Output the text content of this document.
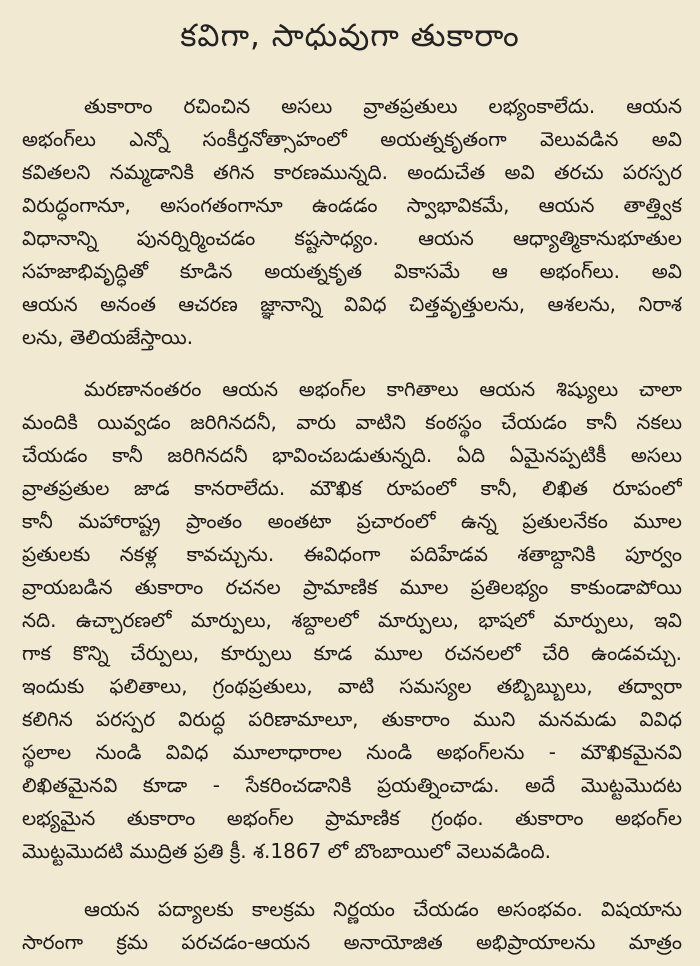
కవిగా, సాధువుగా తుకారాం
తుకారాం రచించిన అసలు వ్రాతప్రతులు లభ్యంకాలేదు. ఆయన
అభంగ్‌లు ఎన్నో సంకీర్తనోత్సాహంలో అయత్నకృతంగా వెలువడిన అవి
కవితలని నమ్మడానికి తగిన కారణమున్నది. అందుచేత అవి తరచు పరస్పర
విరుద్ధంగానూ, అసంగతంగానూ ఉండడం స్వాభావికమే, ఆయన తాత్త్విక
విధానాన్ని పునర్నిర్మించడం కష్టసాధ్యం. ఆయన ఆధ్యాత్మికానుభూతుల
సహజాభివృద్ధితో కూడిన అయత్నకృత వికాసమే ఆ అభంగ్‌లు. అవి
ఆయన అనంత ఆచరణ జ్ఞానాన్ని వివిధ చిత్తవృత్తులను, ఆశలను, నిరాశ
లను, తెలియజేస్తాయి.
మరణానంతరం ఆయన అభంగ్‌ల కాగితాలు ఆయన శిష్యులు చాలా
మందికి యివ్వడం జరిగినదనీ, వారు వాటిని కంఠస్థం చేయడం కానీ నకలు
చేయడం కానీ జరిగినదనీ భావించబడుతున్నది. ఏది ఏమైనప్పటికీ అసలు
వ్రాతప్రతుల జాడ కానరాలేదు. మౌఖిక రూపంలో కానీ, లిఖిత రూపంలో
కానీ మహారాష్ట్ర ప్రాంతం అంతటా ప్రచారంలో ఉన్న ప్రతులనేకం మూల
ప్రతులకు నకళ్ల కావచ్చును. ఈవిధంగా పదిహేడవ శతాబ్దానికి పూర్వం
వ్రాయబడిన తుకారాం రచనల ప్రామాణిక మూల ప్రతిలభ్యం కాకుండాపోయి
నది. ఉచ్చారణలో మార్పులు, శబ్దాలలో మార్పులు, భాషలో మార్పులు, ఇవి
గాక కొన్ని చేర్పులు, కూర్పులు కూడ మూల రచనలలో చేరి ఉండవచ్చు.
ఇందుకు ఫలితాలు, గ్రంథప్రతులు, వాటి సమస్యల తబ్బిబ్బులు, తద్వారా
కలిగిన పరస్పర విరుద్ధ పరిణామాలూ, తుకారాం ముని మనమడు వివిధ
స్థలాల నుండి వివిధ మూలాధారాల నుండి అభంగ్‌లను - మౌఖికమైనవి
లిఖితమైనవి కూడా - సేకరించడానికి ప్రయత్నించాడు. అదే మొట్టమొదట
లభ్యమైన తుకారాం అభంగ్‌ల ప్రామాణిక గ్రంథం. తుకారాం అభంగ్‌ల
మొట్టమొదటి ముద్రిత ప్రతి క్రీ. శ.1867 లో బొంబాయిలో వెలువడింది.
ఆయన పద్యాలకు కాలక్రమ నిర్ణయం చేయడం అసంభవం. విషయాను
సారంగా క్రమ పరచడం-ఆయన అనాయోజిత అభిప్రాయాలను మాత్రం
